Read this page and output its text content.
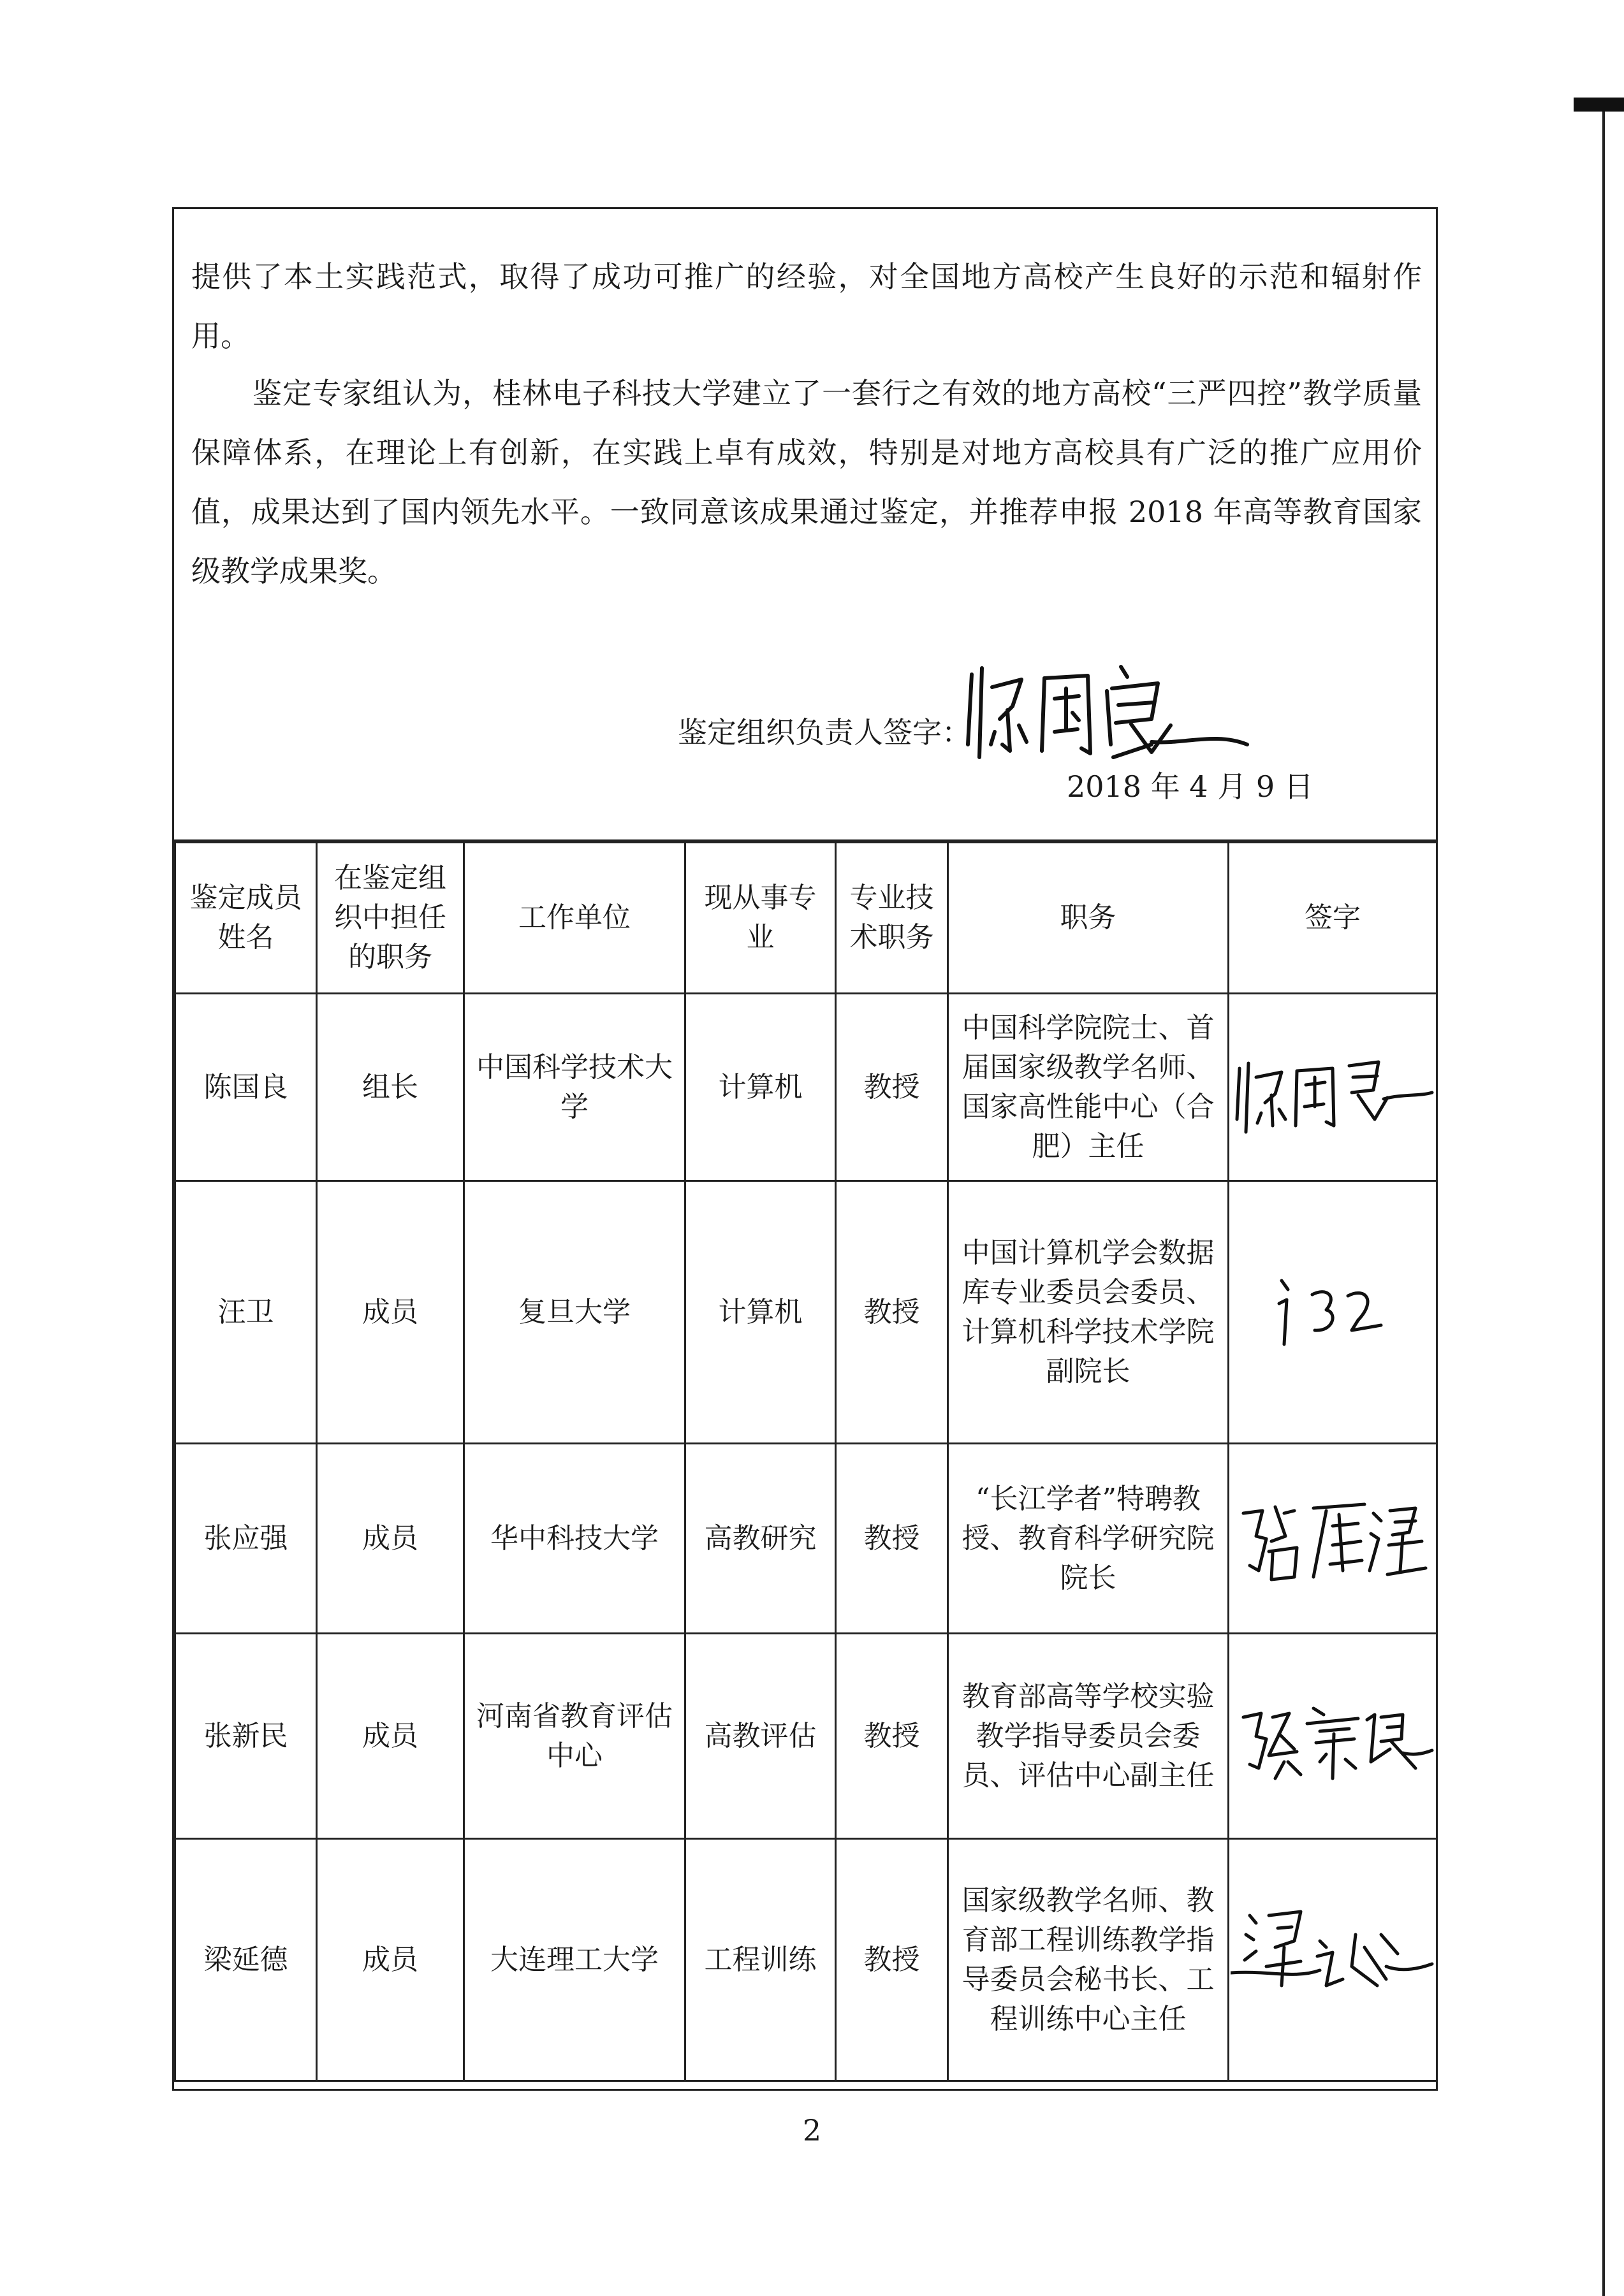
提供了本土实践范式，取得了成功可推广的经验，对全国地方高校产生良好的示范和辐射作用。

鉴定专家组认为，桂林电子科技大学建立了一套行之有效的地方高校“三严四控”教学质量保障体系，在理论上有创新，在实践上卓有成效，特别是对地方高校具有广泛的推广应用价值，成果达到了国内领先水平。一致同意该成果通过鉴定，并推荐申报 2018 年高等教育国家级教学成果奖。

鉴定组织负责人签字：
2018 年 4 月 9 日
鉴定成员姓名	在鉴定组织中担任的职务	工作单位	现从事专 业	专业技术职务	职务	签字
陈国良	组长	中国科学技术大学	计算机	教授	中国科学院院士、首届国家级教学名师、国家高性能中心（合肥）主任	

汪卫	成员	复旦大学	计算机	教授	中国计算机学会数据库专业委员会委员、计算机科学技术学院副院长	

张应强	成员	华中科技大学	高教研究	教授	“长江学者”特聘教授、教育科学研究院院长	

张新民	成员	河南省教育评估中心	高教评估	教授	教育部高等学校实验教学指导委员会委员、评估中心副主任	

梁延德	成员	大连理工大学	工程训练	教授	国家级教学名师、教育部工程训练教学指导委员会秘书长、工程训练中心主任	
2
